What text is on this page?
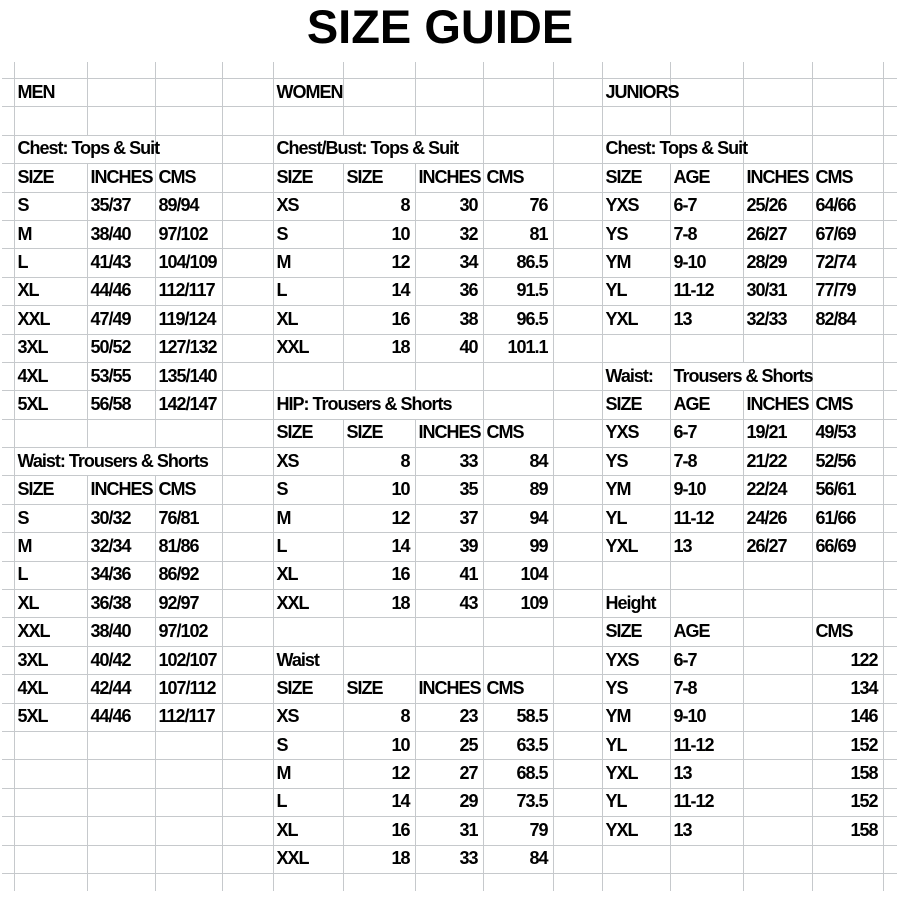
SIZE GUIDE

	MEN				WOMEN					JUNIORS				

	Chest: Tops & Suit				Chest/Bust: Tops & Suit					Chest: Tops & Suit				
	SIZE	INCHES	CMS		SIZE	SIZE	INCHES	CMS		SIZE	AGE	INCHES	CMS	
	S	35/37	89/94		XS	8	30	76		YXS	6-7	25/26	64/66	
	M	38/40	97/102		S	10	32	81		YS	7-8	26/27	67/69	
	L	41/43	104/109		M	12	34	86.5		YM	9-10	28/29	72/74	
	XL	44/46	112/117		L	14	36	91.5		YL	11-12	30/31	77/79	
	XXL	47/49	119/124		XL	16	38	96.5		YXL	13	32/33	82/84	
	3XL	50/52	127/132		XXL	18	40	101.1						
	4XL	53/55	135/140							Waist:	Trousers & Shorts			
	5XL	56/58	142/147		HIP: Trousers & Shorts					SIZE	AGE	INCHES	CMS	
					SIZE	SIZE	INCHES	CMS		YXS	6-7	19/21	49/53	
	Waist: Trousers & Shorts				XS	8	33	84		YS	7-8	21/22	52/56	
	SIZE	INCHES	CMS		S	10	35	89		YM	9-10	22/24	56/61	
	S	30/32	76/81		M	12	37	94		YL	11-12	24/26	61/66	
	M	32/34	81/86		L	14	39	99		YXL	13	26/27	66/69	
	L	34/36	86/92		XL	16	41	104						
	XL	36/38	92/97		XXL	18	43	109		Height				
	XXL	38/40	97/102							SIZE	AGE		CMS	
	3XL	40/42	102/107		Waist					YXS	6-7		122	
	4XL	42/44	107/112		SIZE	SIZE	INCHES	CMS		YS	7-8		134	
	5XL	44/46	112/117		XS	8	23	58.5		YM	9-10		146	
					S	10	25	63.5		YL	11-12		152	
					M	12	27	68.5		YXL	13		158	
					L	14	29	73.5		YL	11-12		152	
					XL	16	31	79		YXL	13		158	
					XXL	18	33	84						
